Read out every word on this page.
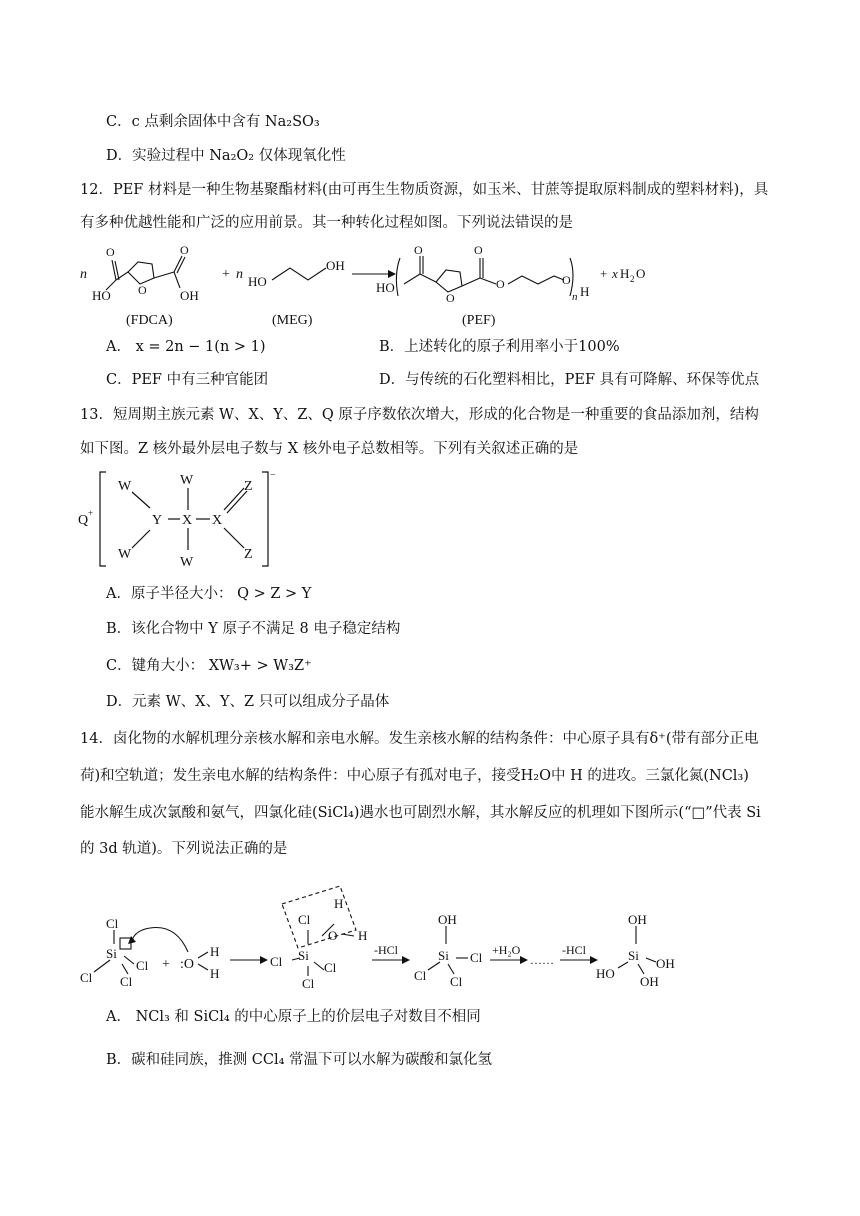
C．c 点剩余固体中含有 Na₂SO₃
D．实验过程中 Na₂O₂ 仅体现氧化性
12．PEF 材料是一种生物基聚酯材料(由可再生生物质资源，如玉米、甘蔗等提取原料制成的塑料材料)，具
有多种优越性能和广泛的应用前景。其一种转化过程如图。下列说法错误的是
n
O
O
HO
O
OH
(FDCA)
+ n HO
OH
(MEG)
HO
O
O
O
O	O
n H
+ x H 2 O
(PEF)
A． x = 2n − 1(n > 1)	B．上述转化的原子利用率小于100%
C．PEF 中有三种官能团	D．与传统的石化塑料相比，PEF 具有可降解、环保等优点
13．短周期主族元素 W、X、Y、Z、Q 原子序数依次增大，形成的化合物是一种重要的食品添加剂，结构
如下图。Z 核外最外层电子数与 X 核外电子总数相等。下列有关叙述正确的是
Q +
W
W
Y
W
X
W
X
Z
Z
−
A．原子半径大小： Q > Z > Y
B．该化合物中 Y 原子不满足 8 电子稳定结构
C．键角大小： XW₃+ > W₃Z⁺
D．元素 W、X、Y、Z 只可以组成分子晶体
14．卤化物的水解机理分亲核水解和亲电水解。发生亲核水解的结构条件：中心原子具有δ⁺(带有部分正电
荷)和空轨道；发生亲电水解的结构条件：中心原子有孤对电子，接受H₂O中 H 的进攻。三氯化氮(NCl₃)
能水解生成次氯酸和氨气，四氯化硅(SiCl₄)遇水也可剧烈水解，其水解反应的机理如下图所示(“□”代表 Si
的 3d 轨道)。下列说法正确的是
Cl
Si
Cl
Cl
Cl
+ :O
H
H
Cl
Si
Cl	Cl
Cl
O
H
H
-HCl
OH
Si
Cl
Cl
Cl
+H₂O
……
-HCl
OH
Si
HO
OH
OH
A． NCl₃ 和 SiCl₄ 的中心原子上的价层电子对数目不相同
B．碳和硅同族，推测 CCl₄ 常温下可以水解为碳酸和氯化氢
